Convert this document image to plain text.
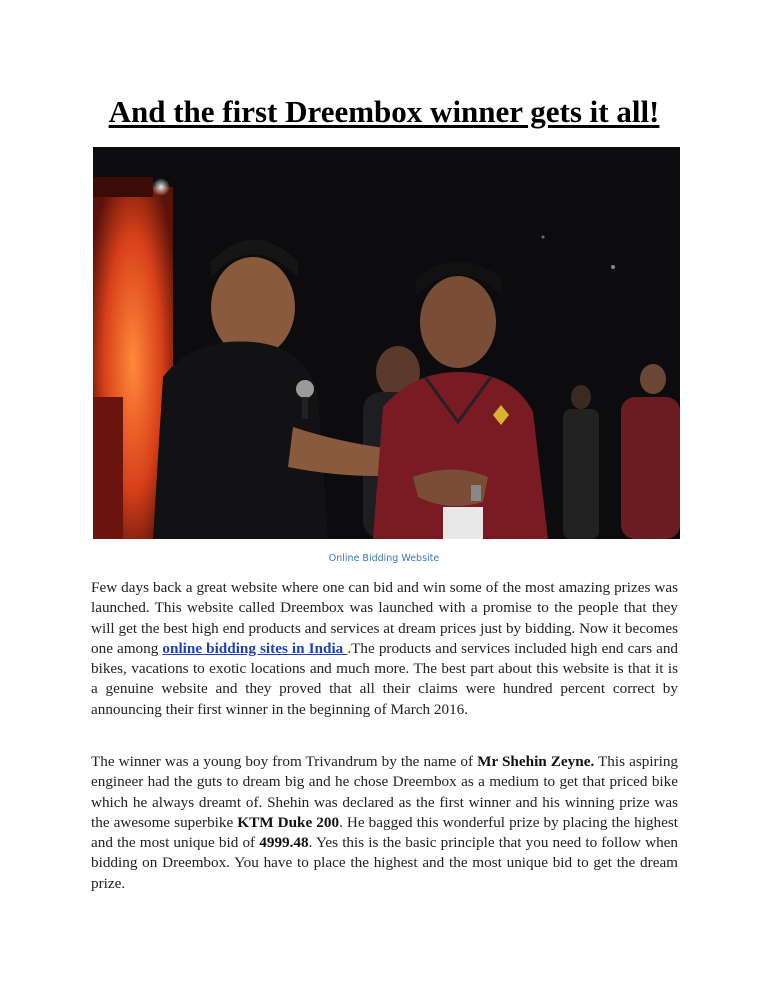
And the first Dreembox winner gets it all!
Online Bidding Website

Few days back a great website where one can bid and win some of the most amazing prizes was launched. This website called Dreembox was launched with a promise to the people that they will get the best high end products and services at dream prices just by bidding. Now it becomes one among online bidding sites in India .The products and services included high end cars and bikes, vacations to exotic locations and much more. The best part about this website is that it is a genuine website and they proved that all their claims were hundred percent correct by announcing their first winner in the beginning of March 2016.

The winner was a young boy from Trivandrum by the name of Mr Shehin Zeyne. This aspiring engineer had the guts to dream big and he chose Dreembox as a medium to get that priced bike which he always dreamt of. Shehin was declared as the first winner and his winning prize was the awesome superbike KTM Duke 200. He bagged this wonderful prize by placing the highest and the most unique bid of 4999.48. Yes this is the basic principle that you need to follow when bidding on Dreembox. You have to place the highest and the most unique bid to get the dream prize.
